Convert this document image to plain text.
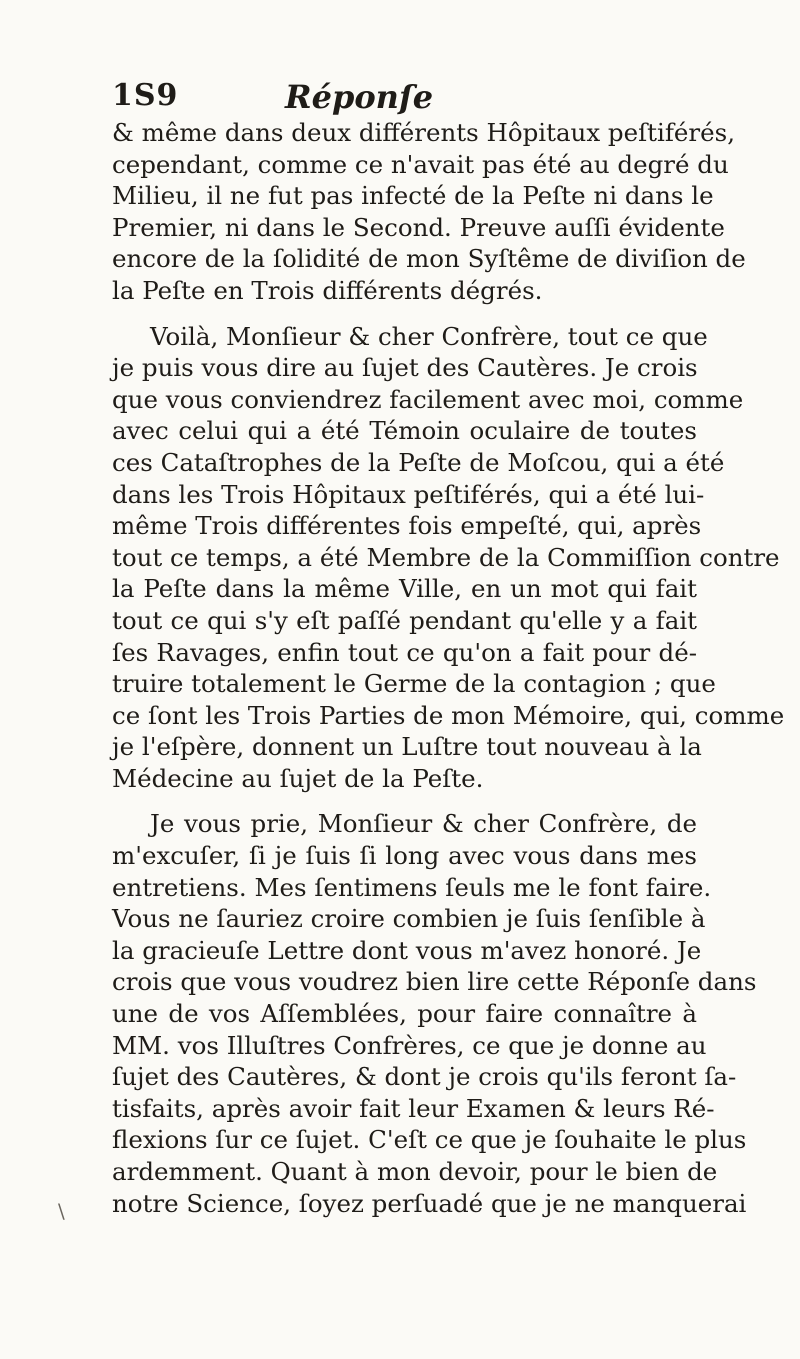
1S9	Réponſe
& même dans deux différents Hôpitaux peſtiférés,
cependant, comme ce n'avait pas été au degré du
Milieu, il ne fut pas infecté de la Peſte ni dans le
Premier, ni dans le Second. Preuve auſſi évidente
encore de la ſolidité de mon Syſtême de diviſion de
la Peſte en Trois différents dégrés.
Voilà, Monſieur & cher Confrère, tout ce que
je puis vous dire au ſujet des Cautères. Je crois
que vous conviendrez facilement avec moi, comme
avec celui qui a été Témoin oculaire de toutes
ces Cataſtrophes de la Peſte de Moſcou, qui a été
dans les Trois Hôpitaux peſtiférés, qui a été lui-
même Trois différentes fois empeſté, qui, après
tout ce temps, a été Membre de la Commiſſion contre
la Peſte dans la même Ville, en un mot qui fait
tout ce qui s'y eſt paſſé pendant qu'elle y a fait
ſes Ravages, enfin tout ce qu'on a fait pour dé-
truire totalement le Germe de la contagion ; que
ce ſont les Trois Parties de mon Mémoire, qui, comme
je l'eſpère, donnent un Luſtre tout nouveau à la
Médecine au ſujet de la Peſte.
Je vous prie, Monſieur & cher Confrère, de
m'excuſer, ſi je ſuis ſi long avec vous dans mes
entretiens. Mes ſentimens ſeuls me le font faire.
Vous ne ſauriez croire combien je ſuis ſenſible à
la gracieuſe Lettre dont vous m'avez honoré. Je
crois que vous voudrez bien lire cette Réponſe dans
une de vos Aſſemblées, pour faire connaître à
MM. vos Illuſtres Confrères, ce que je donne au
ſujet des Cautères, & dont je crois qu'ils feront ſa-
tisfaits, après avoir fait leur Examen & leurs Ré-
flexions ſur ce ſujet. C'eſt ce que je ſouhaite le plus
ardemment. Quant à mon devoir, pour le bien de
notre Science, ſoyez perſuadé que je ne manquerai
\
